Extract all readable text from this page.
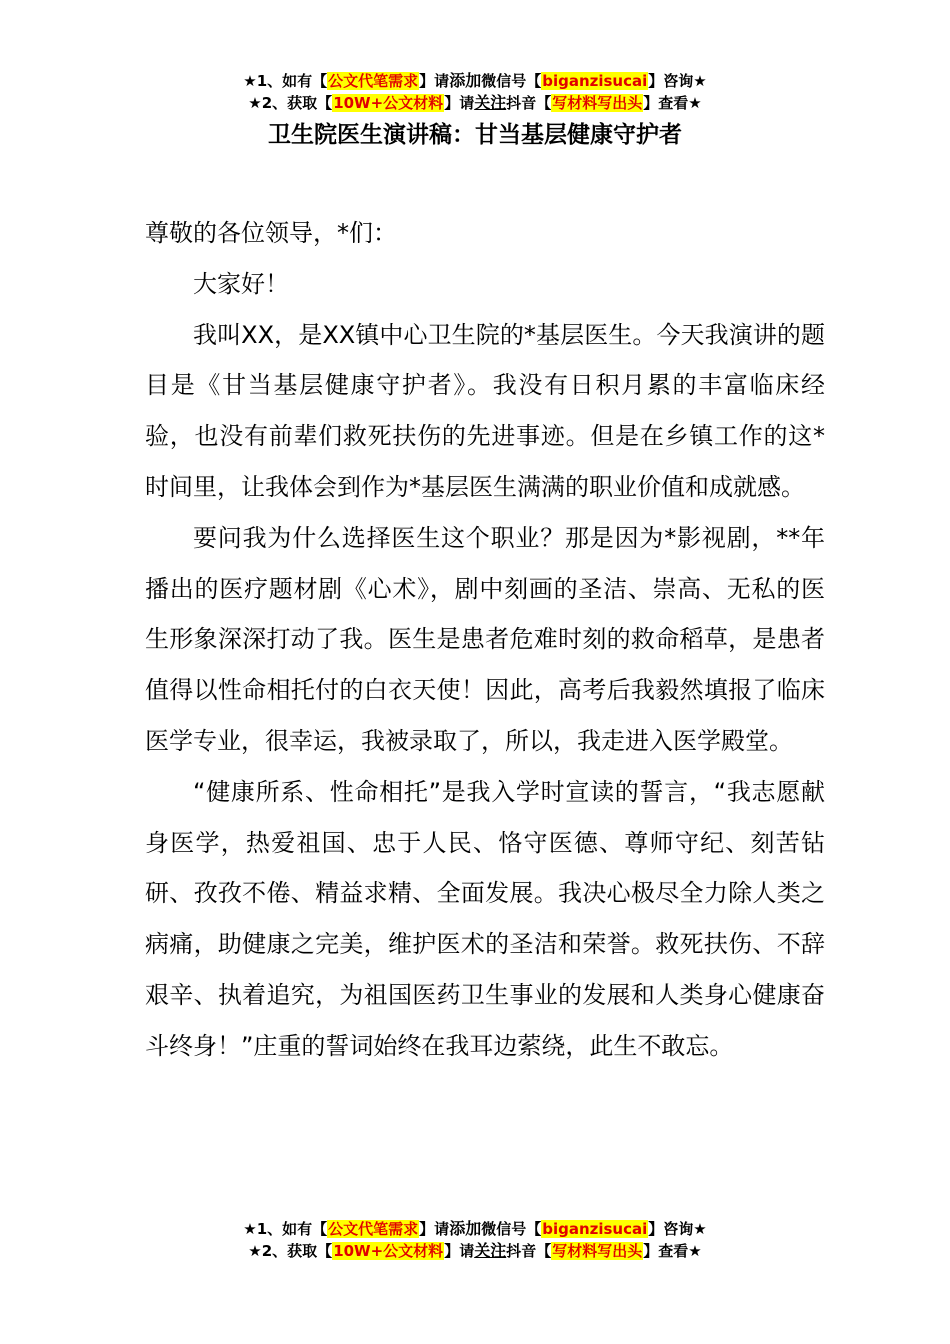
★1、如有【公文代笔需求】请添加微信号【biganzisucai】咨询★
★2、获取【10W+公文材料】请关注抖音【写材料写出头】查看★
卫生院医生演讲稿：甘当基层健康守护者

尊敬的各位领导，*们：

大家好！

我叫XX，是XX镇中心卫生院的*基层医生。今天我演讲的题目是《甘当基层健康守护者》。我没有日积月累的丰富临床经验，也没有前辈们救死扶伤的先进事迹。但是在乡镇工作的这*时间里，让我体会到作为*基层医生满满的职业价值和成就感。

要问我为什么选择医生这个职业？那是因为*影视剧，**年播出的医疗题材剧《心术》，剧中刻画的圣洁、崇高、无私的医生形象深深打动了我。医生是患者危难时刻的救命稻草，是患者值得以性命相托付的白衣天使！因此，高考后我毅然填报了临床医学专业，很幸运，我被录取了，所以，我走进入医学殿堂。

“健康所系、性命相托”是我入学时宣读的誓言，“我志愿献身医学，热爱祖国、忠于人民、恪守医德、尊师守纪、刻苦钻研、孜孜不倦、精益求精、全面发展。我决心极尽全力除人类之病痛，助健康之完美，维护医术的圣洁和荣誉。救死扶伤、不辞艰辛、执着追究，为祖国医药卫生事业的发展和人类身心健康奋斗终身！”庄重的誓词始终在我耳边萦绕，此生不敢忘。

★1、如有【公文代笔需求】请添加微信号【biganzisucai】咨询★
★2、获取【10W+公文材料】请关注抖音【写材料写出头】查看★
